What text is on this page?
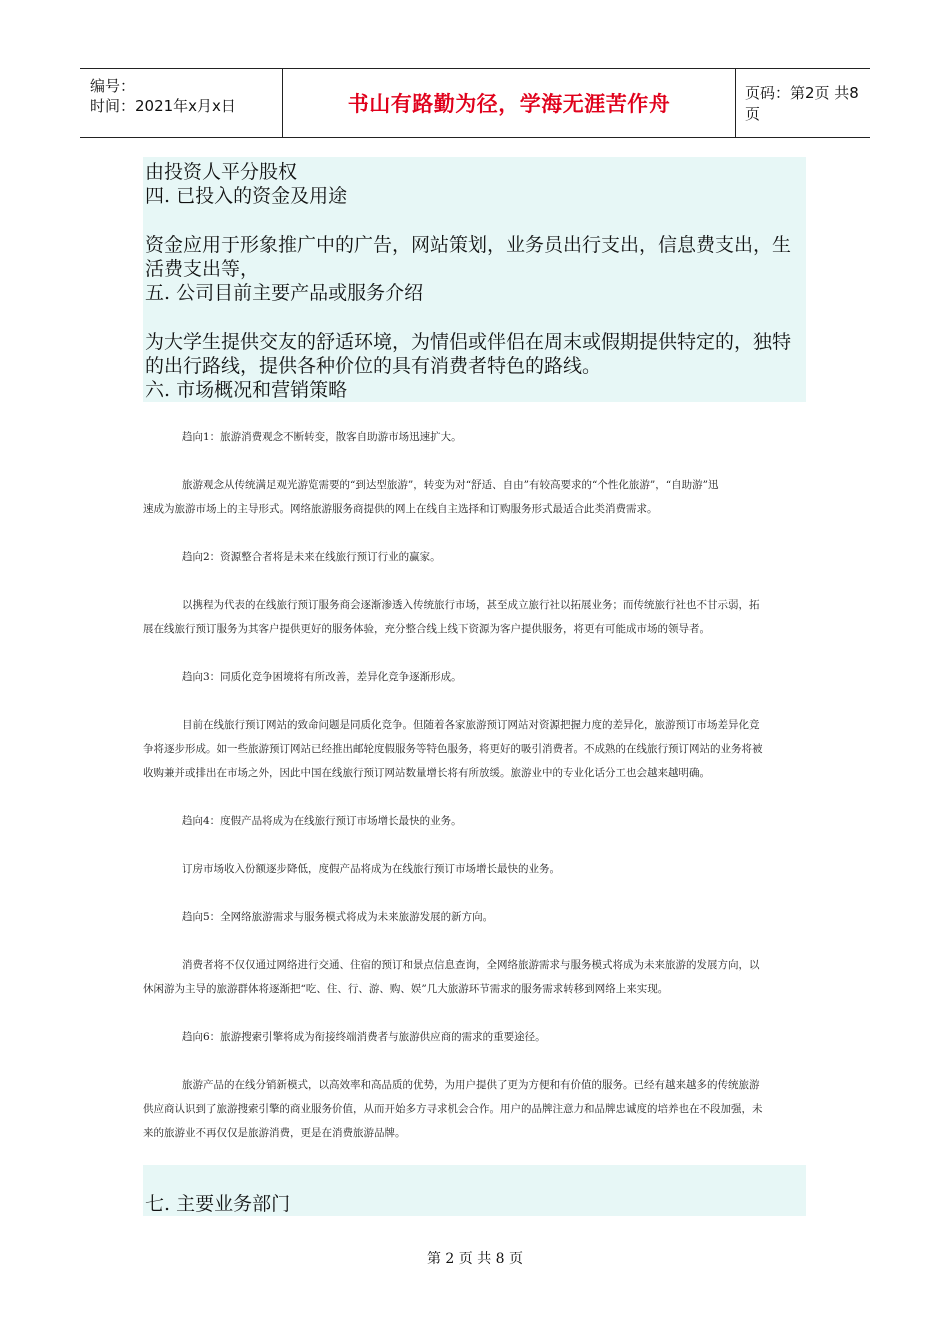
编号：
时间：2021年x月x日	书山有路勤为径，学海无涯苦作舟	页码：第2页 共8页
由投资人平分股权
四. 已投入的资金及用途
资金应用于形象推广中的广告，网站策划，业务员出行支出，信息费支出，生
活费支出等，
五. 公司目前主要产品或服务介绍
为大学生提供交友的舒适环境，为情侣或伴侣在周末或假期提供特定的，独特
的出行路线，提供各种价位的具有消费者特色的路线。
六. 市场概况和营销策略
趋向1：旅游消费观念不断转变，散客自助游市场迅速扩大。
旅游观念从传统满足观光游览需要的“到达型旅游”，转变为对“舒适、自由”有较高要求的“个性化旅游”，“自助游”迅
速成为旅游市场上的主导形式。网络旅游服务商提供的网上在线自主选择和订购服务形式最适合此类消费需求。
趋向2：资源整合者将是未来在线旅行预订行业的赢家。
以携程为代表的在线旅行预订服务商会逐渐渗透入传统旅行市场，甚至成立旅行社以拓展业务；而传统旅行社也不甘示弱，拓
展在线旅行预订服务为其客户提供更好的服务体验，充分整合线上线下资源为客户提供服务，将更有可能成市场的领导者。
趋向3：同质化竞争困境将有所改善，差异化竞争逐渐形成。
目前在线旅行预订网站的致命问题是同质化竞争。但随着各家旅游预订网站对资源把握力度的差异化，旅游预订市场差异化竞
争将逐步形成。如一些旅游预订网站已经推出邮轮度假服务等特色服务，将更好的吸引消费者。不成熟的在线旅行预订网站的业务将被
收购兼并或排出在市场之外，因此中国在线旅行预订网站数量增长将有所放缓。旅游业中的专业化话分工也会越来越明确。
趋向4：度假产品将成为在线旅行预订市场增长最快的业务。
订房市场收入份额逐步降低，度假产品将成为在线旅行预订市场增长最快的业务。
趋向5：全网络旅游需求与服务模式将成为未来旅游发展的新方向。
消费者将不仅仅通过网络进行交通、住宿的预订和景点信息查询，全网络旅游需求与服务模式将成为未来旅游的发展方向，以
休闲游为主导的旅游群体将逐渐把“吃、住、行、游、购、娱”几大旅游环节需求的服务需求转移到网络上来实现。
趋向6：旅游搜索引擎将成为衔接终端消费者与旅游供应商的需求的重要途径。
旅游产品的在线分销新模式，以高效率和高品质的优势，为用户提供了更为方便和有价值的服务。已经有越来越多的传统旅游
供应商认识到了旅游搜索引擎的商业服务价值，从而开始多方寻求机会合作。用户的品牌注意力和品牌忠诚度的培养也在不段加强，未
来的旅游业不再仅仅是旅游消费，更是在消费旅游品牌。
七. 主要业务部门
第 2 页 共 8 页
